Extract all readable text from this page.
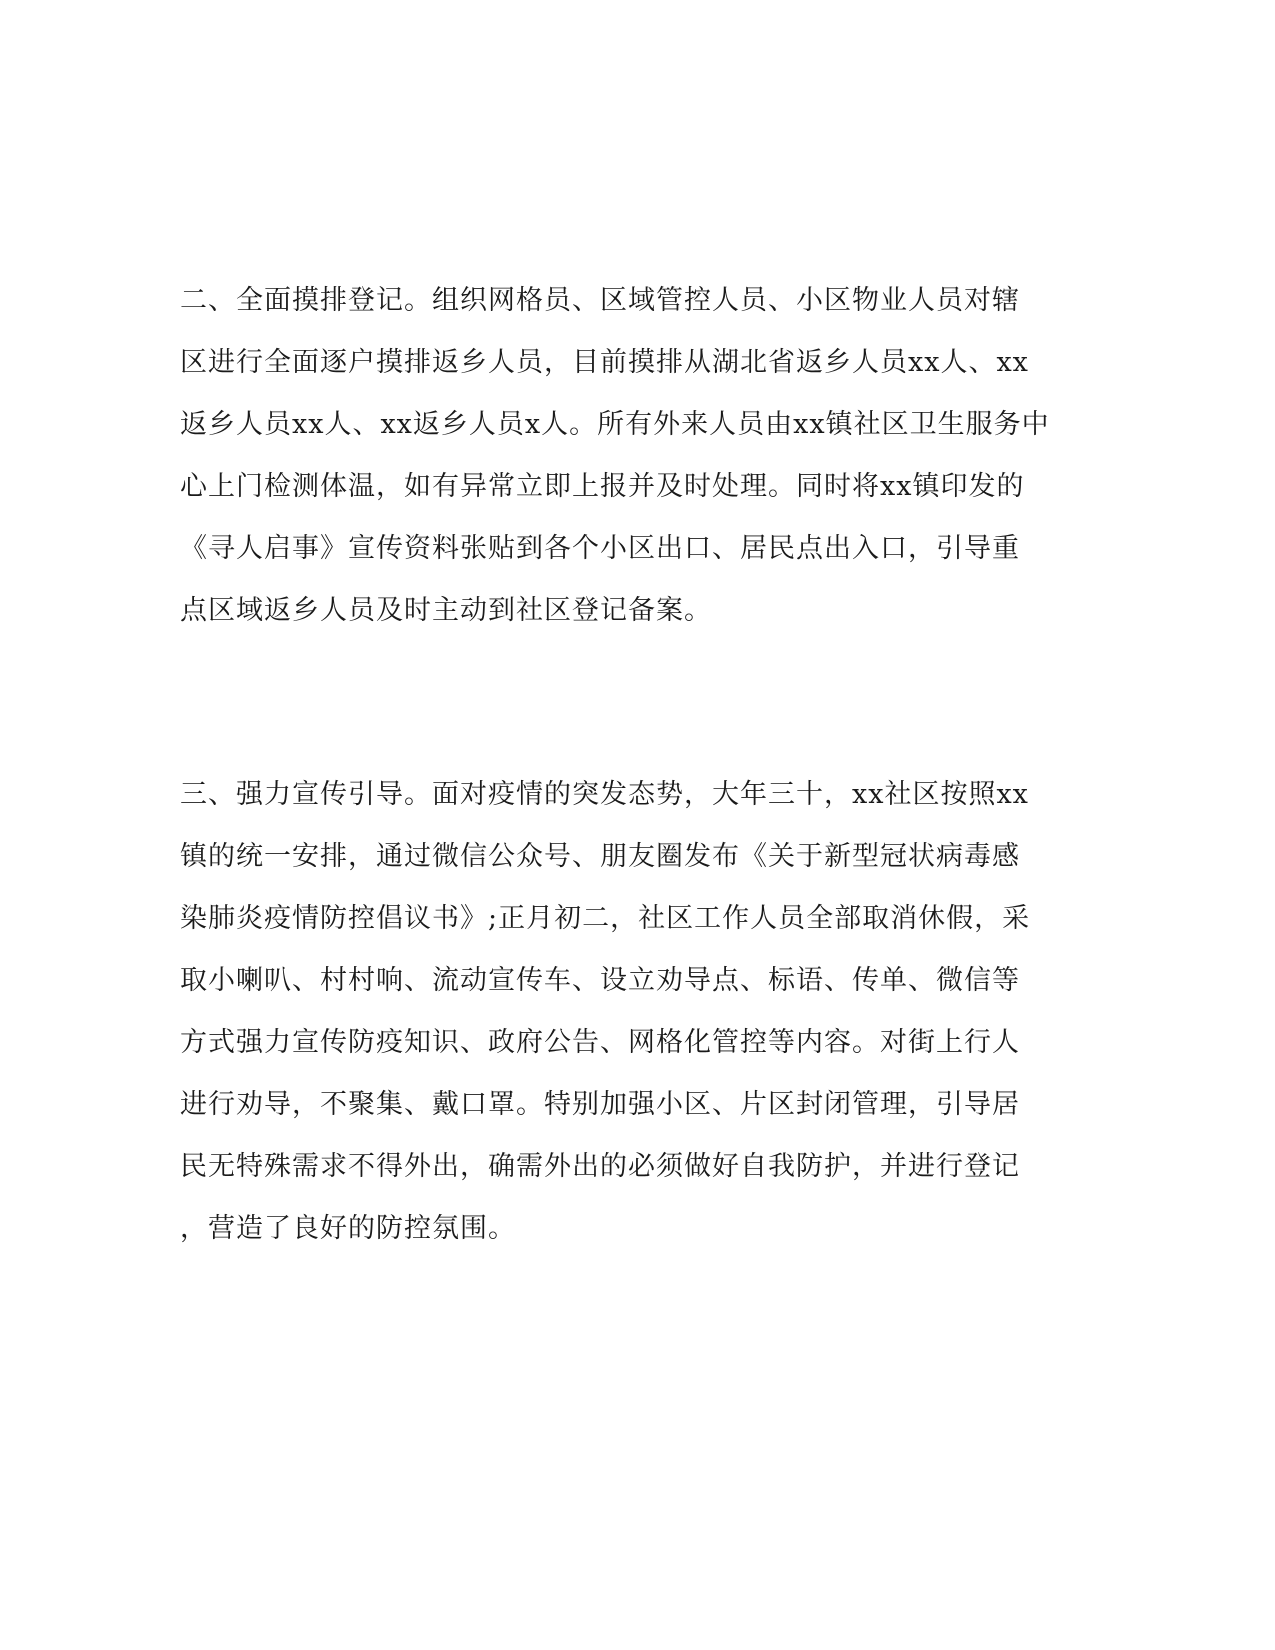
二、全面摸排登记。组织网格员、区域管控人员、小区物业人员对辖
区进行全面逐户摸排返乡人员，目前摸排从湖北省返乡人员xx人、xx
返乡人员xx人、xx返乡人员x人。所有外来人员由xx镇社区卫生服务中
心上门检测体温，如有异常立即上报并及时处理。同时将xx镇印发的
《寻人启事》宣传资料张贴到各个小区出口、居民点出入口，引导重
点区域返乡人员及时主动到社区登记备案。
三、强力宣传引导。面对疫情的突发态势，大年三十，xx社区按照xx
镇的统一安排，通过微信公众号、朋友圈发布《关于新型冠状病毒感
染肺炎疫情防控倡议书》;正月初二，社区工作人员全部取消休假，采
取小喇叭、村村响、流动宣传车、设立劝导点、标语、传单、微信等
方式强力宣传防疫知识、政府公告、网格化管控等内容。对街上行人
进行劝导，不聚集、戴口罩。特别加强小区、片区封闭管理，引导居
民无特殊需求不得外出，确需外出的必须做好自我防护，并进行登记
，营造了良好的防控氛围。
